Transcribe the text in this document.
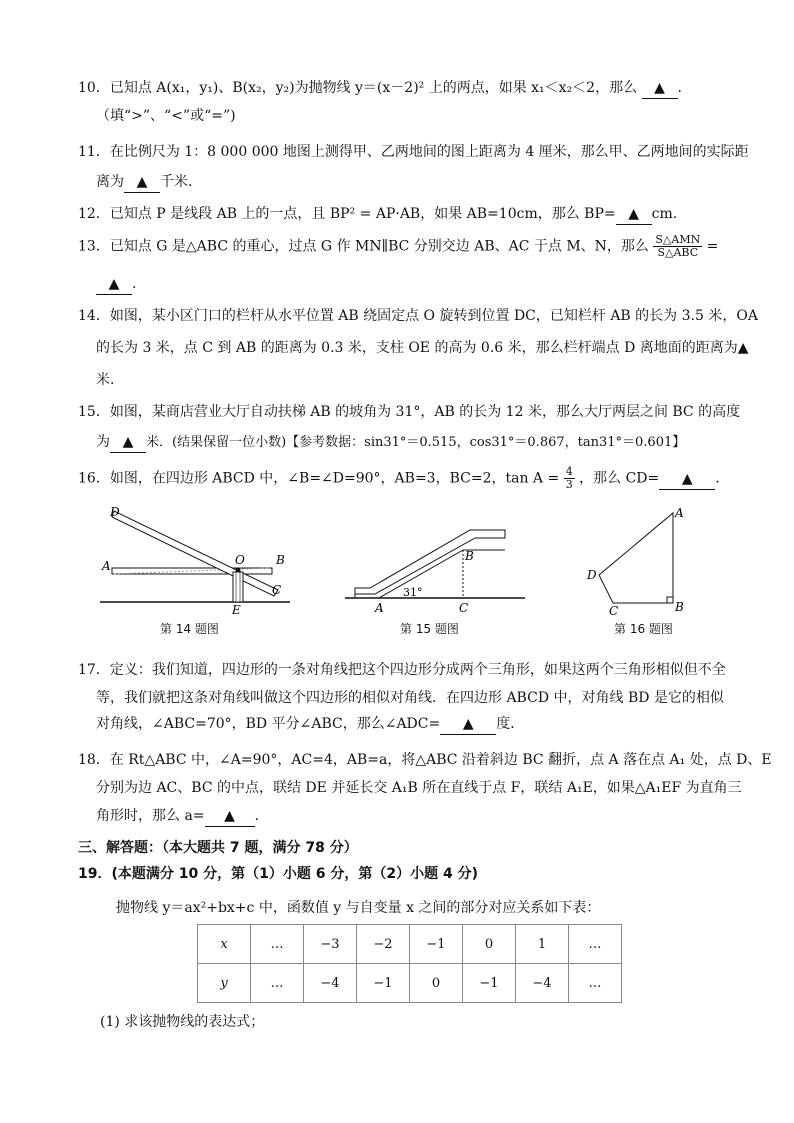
10．已知点 A(x₁，y₁)、B(x₂，y₂)为抛物线 y＝(x－2)² 上的两点，如果 x₁＜x₂＜2，那么 ▲ .
（填“>”、“<”或“=”)
11．在比例尺为 1：8 000 000 地图上测得甲、乙两地间的图上距离为 4 厘米，那么甲、乙两地间的实际距
离为 ▲ 千米．
12．已知点 P 是线段 AB 上的一点，且 BP² = AP·AB，如果 AB=10cm，那么 BP= ▲ cm.
13．已知点 G 是△ABC 的重心，过点 G 作 MN∥BC 分别交边 AB、AC 于点 M、N，那么 $\frac{\text{S△AMN}}{\text{S△ABC}}$ =
▲ .
14．如图，某小区门口的栏杆从水平位置 AB 绕固定点 O 旋转到位置 DC，已知栏杆 AB 的长为 3.5 米，OA
的长为 3 米，点 C 到 AB 的距离为 0.3 米，支柱 OE 的高为 0.6 米，那么栏杆端点 D 离地面的距离为▲
米．
15．如图，某商店营业大厅自动扶梯 AB 的坡角为 31°，AB 的长为 12 米，那么大厅两层之间 BC 的高度
为 ▲ 米．(结果保留一位小数)【参考数据：sin31°＝0.515，cos31°＝0.867，tan31°＝0.601】
16．如图，在四边形 ABCD 中，∠B=∠D=90°，AB=3，BC=2，$\tan A = \frac{4}{3}$ ，那么 CD= ▲ .
D
A	O	B
C
E
第 14 题图
B
31°
A	C
第 15 题图
A
D
C	B
第 16 题图
17．定义：我们知道，四边形的一条对角线把这个四边形分成两个三角形，如果这两个三角形相似但不全
等，我们就把这条对角线叫做这个四边形的相似对角线．在四边形 ABCD 中，对角线 BD 是它的相似
对角线，∠ABC=70°，BD 平分∠ABC，那么∠ADC= ▲ 度．
18．在 Rt△ABC 中，∠A=90°，AC=4，AB=a，将△ABC 沿着斜边 BC 翻折，点 A 落在点 A₁ 处，点 D、E
分别为边 AC、BC 的中点，联结 DE 并延长交 A₁B 所在直线于点 F，联结 A₁E，如果△A₁EF 为直角三
角形时，那么 a= ▲ .
三、解答题：（本大题共 7 题，满分 78 分）
19．(本题满分 10 分，第（1）小题 6 分，第（2）小题 4 分)
抛物线 y＝ax²+bx+c 中，函数值 y 与自变量 x 之间的部分对应关系如下表：
x	…	−3	−2	−1	0	1	…
y	…	−4	−1	0	−1	−4	…
(1) 求该抛物线的表达式；
